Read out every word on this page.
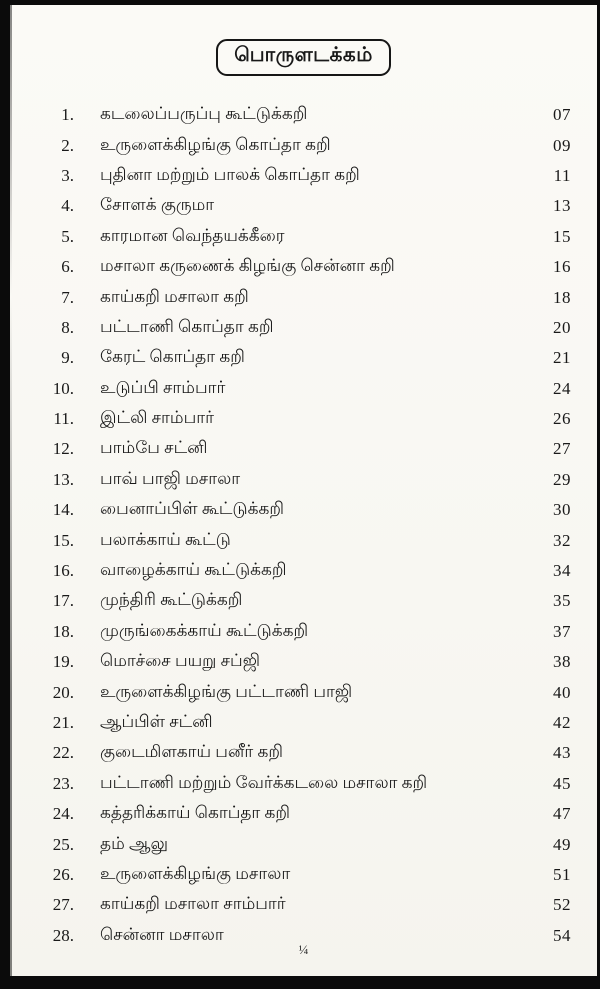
பொருளடக்கம்
1. கடலைப்பருப்பு கூட்டுக்கறி	07
2. உருளைக்கிழங்கு கொப்தா கறி	09
3. புதினா மற்றும் பாலக் கொப்தா கறி	11
4. சோளக் குருமா	13
5. காரமான வெந்தயக்கீரை	15
6. மசாலா கருணைக் கிழங்கு சென்னா கறி	16
7. காய்கறி மசாலா கறி	18
8. பட்டாணி கொப்தா கறி	20
9. கேரட் கொப்தா கறி	21
10. உடுப்பி சாம்பார்	24
11. இட்லி சாம்பார்	26
12. பாம்பே சட்னி	27
13. பாவ் பாஜி மசாலா	29
14. பைனாப்பிள் கூட்டுக்கறி	30
15. பலாக்காய் கூட்டு	32
16. வாழைக்காய் கூட்டுக்கறி	34
17. முந்திரி கூட்டுக்கறி	35
18. முருங்கைக்காய் கூட்டுக்கறி	37
19. மொச்சை பயறு சப்ஜி	38
20. உருளைக்கிழங்கு பட்டாணி பாஜி	40
21. ஆப்பிள் சட்னி	42
22. குடைமிளகாய் பனீர் கறி	43
23. பட்டாணி மற்றும் வேர்க்கடலை மசாலா கறி	45
24. கத்தரிக்காய் கொப்தா கறி	47
25. தம் ஆலு	49
26. உருளைக்கிழங்கு மசாலா	51
27. காய்கறி மசாலா சாம்பார்	52
28. சென்னா மசாலா	54
¼
